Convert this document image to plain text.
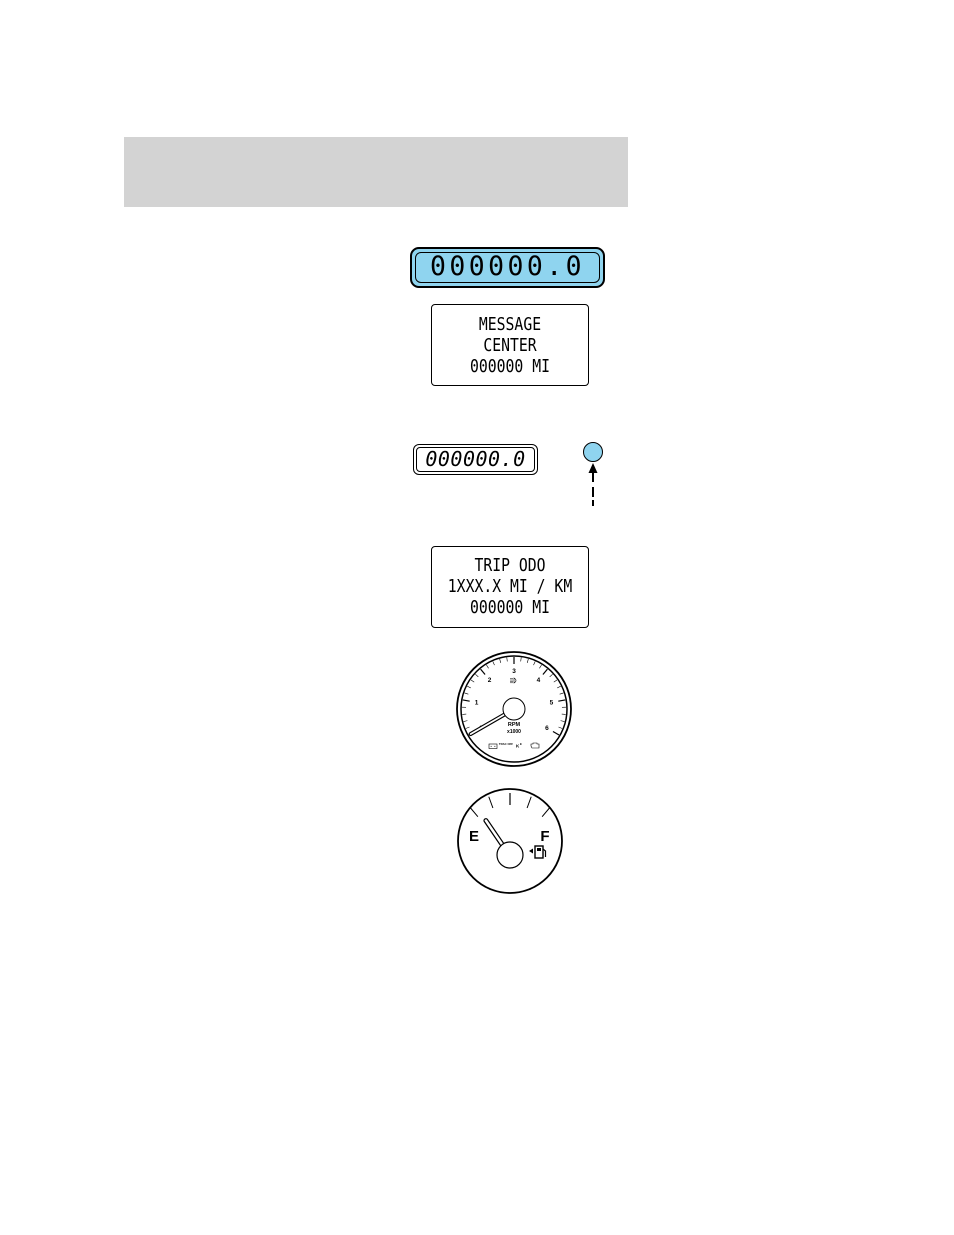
000000.0
MESSAGE
CENTER
000000 MI
000000.0
TRIP ODO
1XXX.X MI / KM
000000 MI
1
2
3
4
5
6
RPM
x1000
TRAC OFF K
E	F
